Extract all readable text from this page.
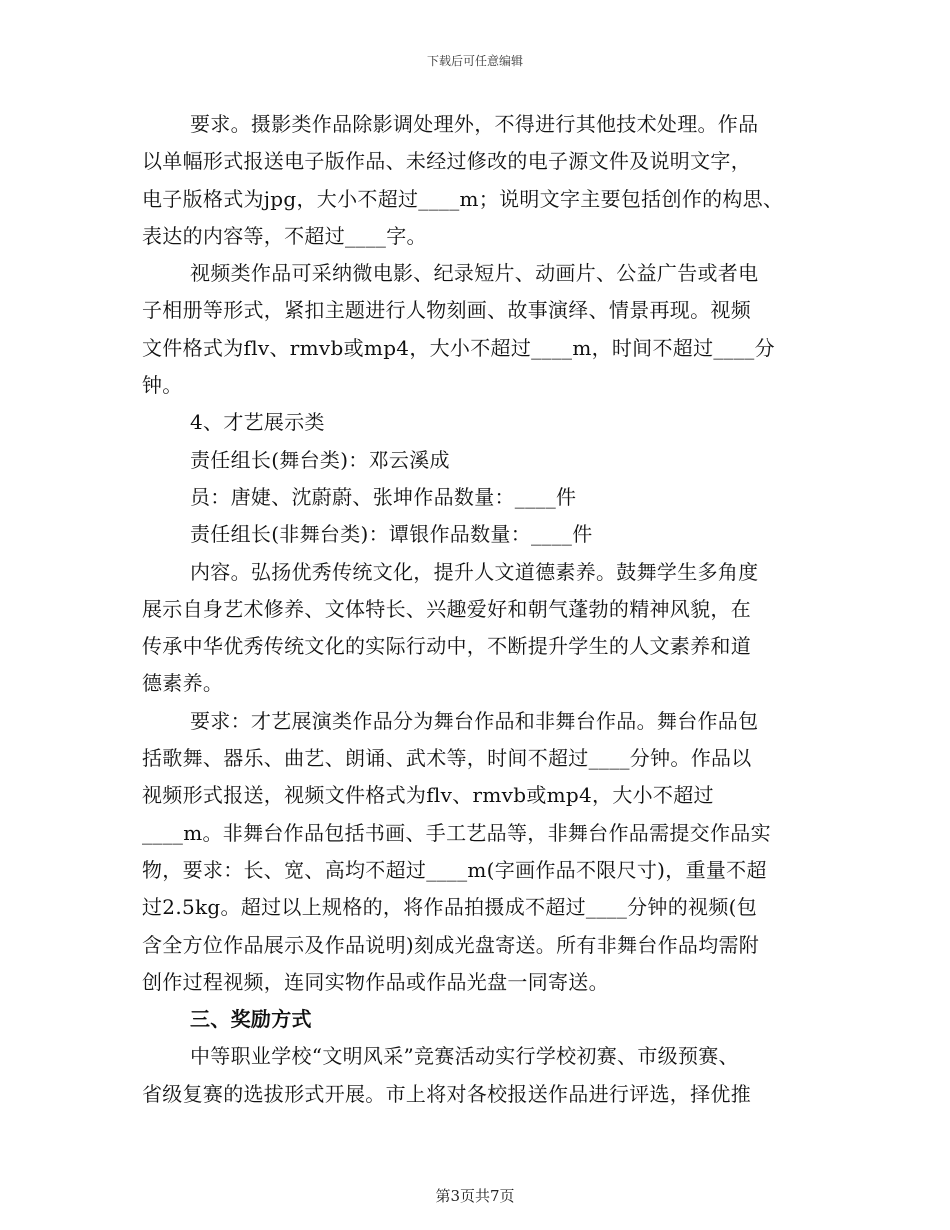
下载后可任意编辑
要求。摄影类作品除影调处理外，不得进行其他技术处理。作品
以单幅形式报送电子版作品、未经过修改的电子源文件及说明文字，
电子版格式为jpg，大小不超过____m；说明文字主要包括创作的构思、
表达的内容等，不超过____字。
视频类作品可采纳微电影、纪录短片、动画片、公益广告或者电
子相册等形式，紧扣主题进行人物刻画、故事演绎、情景再现。视频
文件格式为flv、rmvb或mp4，大小不超过____m，时间不超过____分
钟。
4、才艺展示类
责任组长(舞台类)：邓云溪成
员：唐婕、沈蔚蔚、张坤作品数量：____件
责任组长(非舞台类)：谭银作品数量：____件
内容。弘扬优秀传统文化，提升人文道德素养。鼓舞学生多角度
展示自身艺术修养、文体特长、兴趣爱好和朝气蓬勃的精神风貌，在
传承中华优秀传统文化的实际行动中，不断提升学生的人文素养和道
德素养。
要求：才艺展演类作品分为舞台作品和非舞台作品。舞台作品包
括歌舞、器乐、曲艺、朗诵、武术等，时间不超过____分钟。作品以
视频形式报送，视频文件格式为flv、rmvb或mp4，大小不超过
____m。非舞台作品包括书画、手工艺品等，非舞台作品需提交作品实
物，要求：长、宽、高均不超过____m(字画作品不限尺寸)，重量不超
过2.5kg。超过以上规格的，将作品拍摄成不超过____分钟的视频(包
含全方位作品展示及作品说明)刻成光盘寄送。所有非舞台作品均需附
创作过程视频，连同实物作品或作品光盘一同寄送。
三、奖励方式
中等职业学校“文明风采”竞赛活动实行学校初赛、市级预赛、
省级复赛的选拔形式开展。市上将对各校报送作品进行评选，择优推
第3页共7页
